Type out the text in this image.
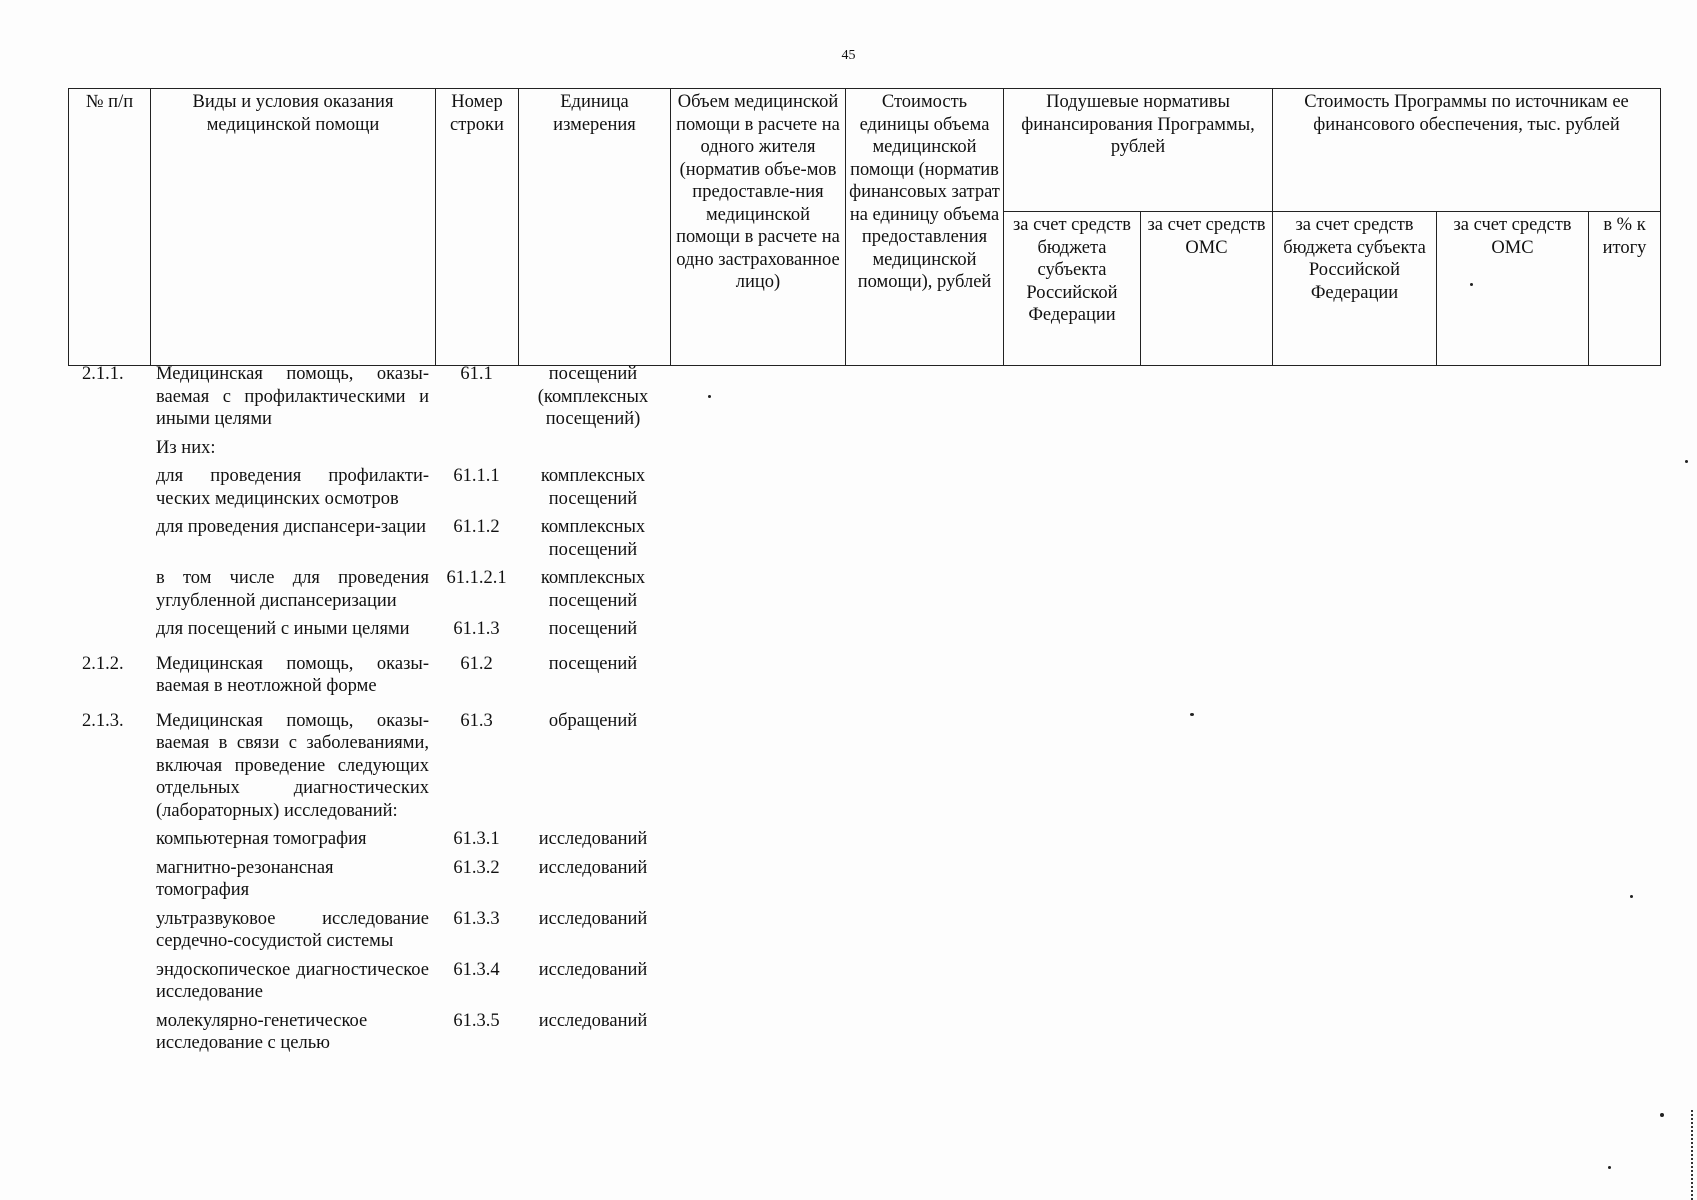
45
№ п/п	Виды и условия оказания медицинской помощи	Номер строки	Единица измерения	Объем медицинской помощи в расчете на одного жителя (норматив объе-мов предоставле-ния медицинской помощи в расчете на одно застрахованное лицо)	Стоимость единицы объема медицинской помощи (норматив финансовых затрат на единицу объема предоставления медицинской помощи), рублей	Подушевые нормативы финансирования Программы, рублей		Стоимость Программы по источникам ее финансового обеспечения, тыс. рублей		
						за счет средств бюджета субъекта Российской Федерации	за счет средств ОМС	за счет средств бюджета субъекта Российской Федерации	за счет средств ОМС	в % к итогу
2.1.1.	Медицинская помощь, оказы-ваемая с профилактическими и иными целями	61.1	посещений (комплексных посещений)
	Из них:		
	для проведения профилакти-ческих медицинских осмотров	61.1.1	комплексных посещений
	для проведения диспансери-зации	61.1.2	комплексных посещений
	в том числе для проведения углубленной диспансеризации	61.1.2.1	комплексных посещений
	для посещений с иными целями	61.1.3	посещений
2.1.2.	Медицинская помощь, оказы-ваемая в неотложной форме	61.2	посещений
2.1.3.	Медицинская помощь, оказы-ваемая в связи с заболеваниями, включая проведение следующих отдельных диагностических (лабораторных) исследований:	61.3	обращений
	компьютерная томография	61.3.1	исследований
	магнитно-резонансная томография	61.3.2	исследований
	ультразвуковое исследование сердечно-сосудистой системы	61.3.3	исследований
	эндоскопическое диагностическое исследование	61.3.4	исследований
	молекулярно-генетическое исследование с целью	61.3.5	исследований
